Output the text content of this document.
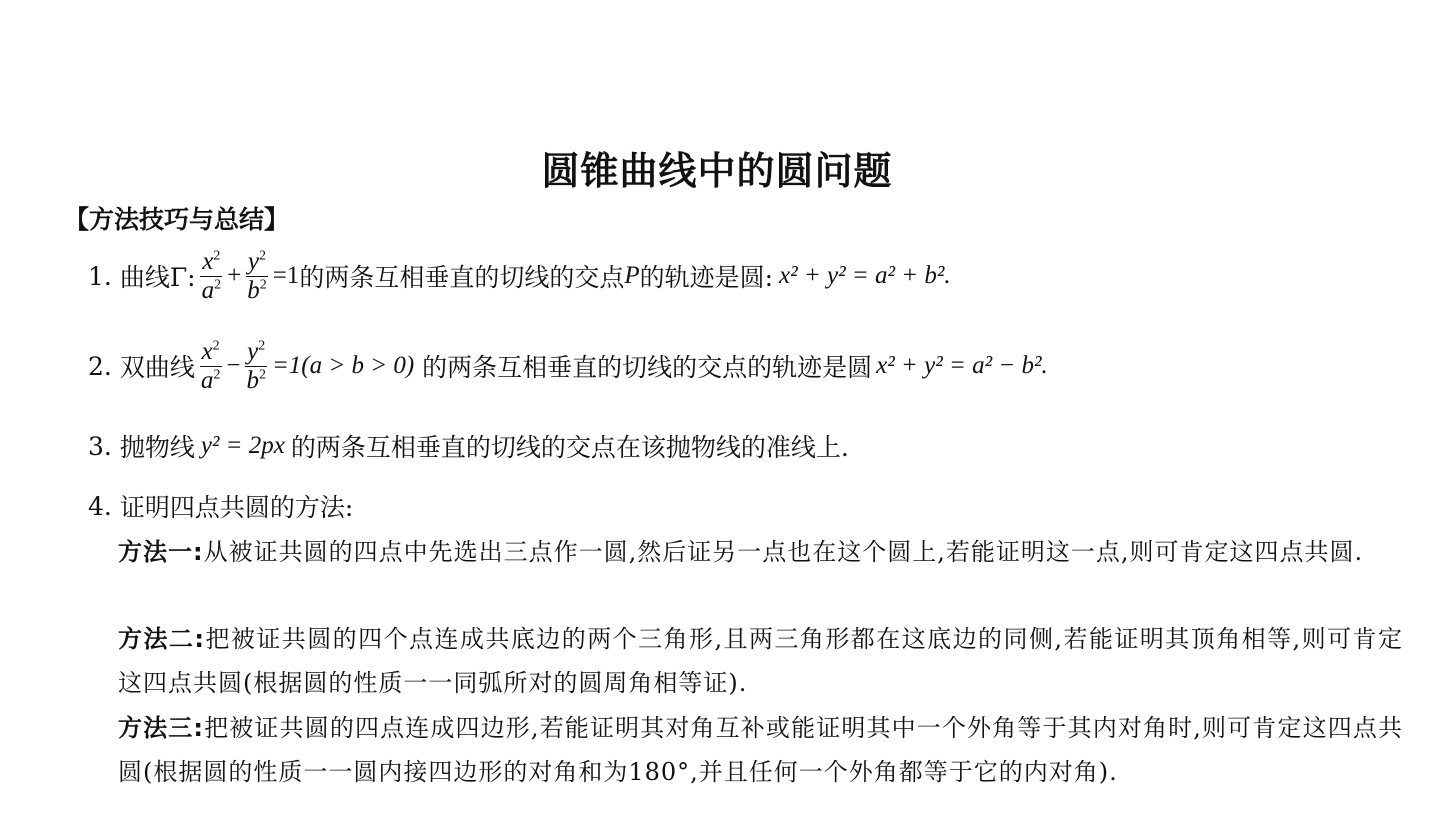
圆锥曲线中的圆问题
【方法技巧与总结】
1.
曲线Γ: $\frac{x^2}{a^2} + \frac{y^2}{b^2} =1$ 的两条互相垂直的切线的交点 P 的轨迹是圆: x² + y² = a² + b².
2.
双曲线 $\frac{x^2}{a^2} - \frac{y^2}{b^2} =1(a > b > 0)$
的两条互相垂直的切线的交点的轨迹是圆 x² + y² = a² − b².
3.
抛物线 y² = 2px 的两条互相垂直的切线的交点在该抛物线的准线上.
4.
证明四点共圆的方法:
方法一:从被证共圆的四点中先选出三点作一圆,然后证另一点也在这个圆上,若能证明这一点,则可肯定这四点共圆.
方法二:把被证共圆的四个点连成共底边的两个三角形,且两三角形都在这底边的同侧,若能证明其顶角相等,则可肯定这四点共圆(根据圆的性质一一同弧所对的圆周角相等证).
方法三:把被证共圆的四点连成四边形,若能证明其对角互补或能证明其中一个外角等于其内对角时,则可肯定这四点共圆(根据圆的性质一一圆内接四边形的对角和为180°,并且任何一个外角都等于它的内对角).
